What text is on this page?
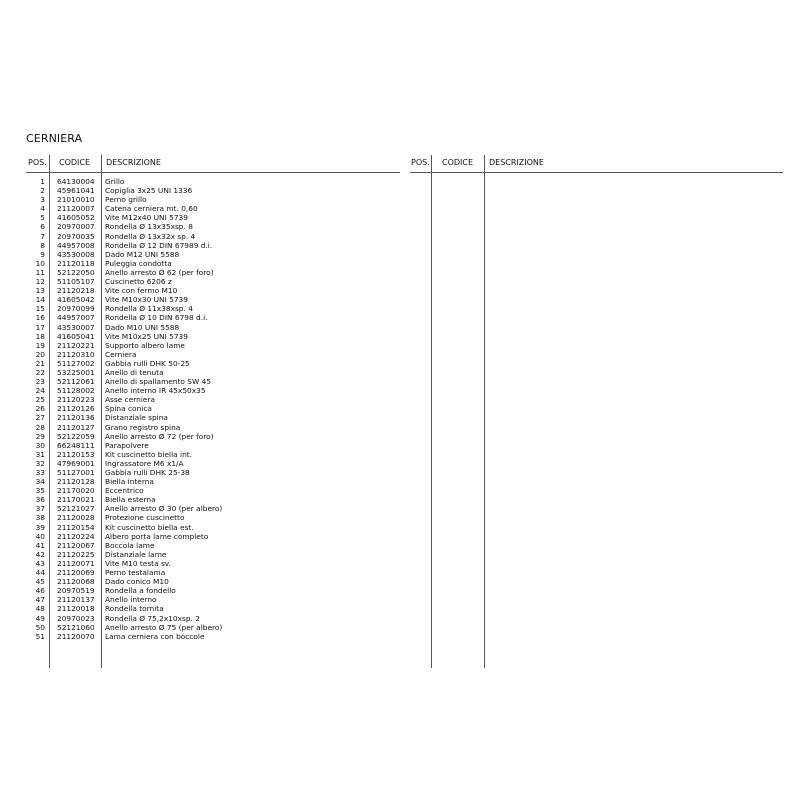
CERNIERA
POS. CODICE DESCRIZIONE	POS. CODICE DESCRIZIONE
1 64130004 Grillo
2 45961041 Copiglia 3x25 UNI 1336
3 21010010 Perno grillo
4 21120007 Catena cerniera mt. 0,60
5 41605052 Vite M12x40 UNI 5739
6 20970007 Rondella Ø 13x35xsp. 8
7 20970035 Rondella Ø 13x32x sp. 4
8 44957008 Rondella Ø 12 DIN 67989 d.i.
9 43530008 Dado M12 UNI 5588
10 21120118 Puleggia condotta
11 52122050 Anello arresto Ø 62 (per foro)
12 51105107 Cuscinetto 6206 z
13 21120218 Vite con fermo M10
14 41605042 Vite M10x30 UNI 5739
15 20970099 Rondella Ø 11x38xsp. 4
16 44957007 Rondella Ø 10 DIN 6798 d.i.
17 43530007 Dado M10 UNI 5588
18 41605041 Vite M10x25 UNI 5739
19 21120221 Supporto albero lame
20 21120310 Cerniera
21 51127002 Gabbia rulli DHK 50-25
22 53225001 Anello di tenuta
23 52112061 Anello di spallamento SW 45
24 51128002 Anello interno IR 45x50x35
25 21120223 Asse cerniera
26 21120126 Spina conica
27 21120136 Distanziale spina
28 21120127 Grano registro spina
29 52122059 Anello arresto Ø 72 (per foro)
30 66248111 Parapolvere
31 21120153 Kit cuscinetto biella int.
32 47969001 Ingrassatore M6 x1/A
33 51127001 Gabbia rulli DHK 25-38
34 21120128 Biella interna
35 21170020 Eccentrico
36 21170021 Biella esterna
37 52121027 Anello arresto Ø 30 (per albero)
38 21120028 Protezione cuscinetto
39 21120154 Kit cuscinetto biella est.
40 21120224 Albero porta lame completo
41 21120067 Boccola lame
42 21120225 Distanziale lame
43 21120071 Vite M10 testa sv.
44 21120069 Perno testalama
45 21120068 Dado conico M10
46 20970519 Rondella a fondello
47 21120137 Anello interno
48 21120018 Rondella tornita
49 20970023 Rondella Ø 75,2x10xsp. 2
50 52121060 Anello arresto Ø 75 (per albero)
51 21120070 Lama cerniera con boccole
